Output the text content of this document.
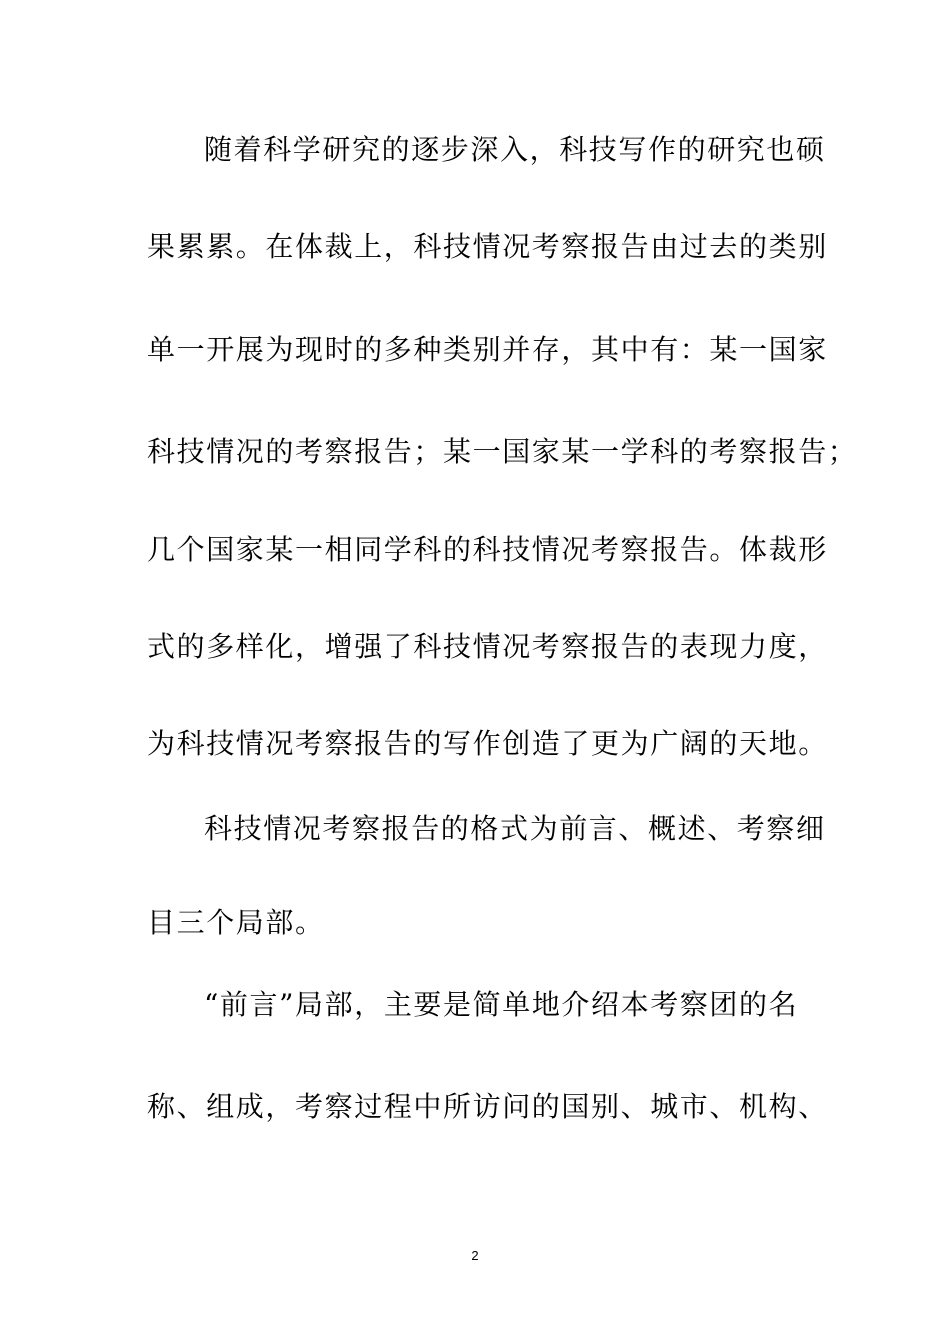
随着科学研究的逐步深入，科技写作的研究也硕
果累累。在体裁上，科技情况考察报告由过去的类别
单一开展为现时的多种类别并存，其中有：某一国家
科技情况的考察报告；某一国家某一学科的考察报告；
几个国家某一相同学科的科技情况考察报告。体裁形
式的多样化，增强了科技情况考察报告的表现力度，
为科技情况考察报告的写作创造了更为广阔的天地。
科技情况考察报告的格式为前言、概述、考察细
目三个局部。
“前言”局部，主要是简单地介绍本考察团的名
称、组成，考察过程中所访问的国别、城市、机构、
2
